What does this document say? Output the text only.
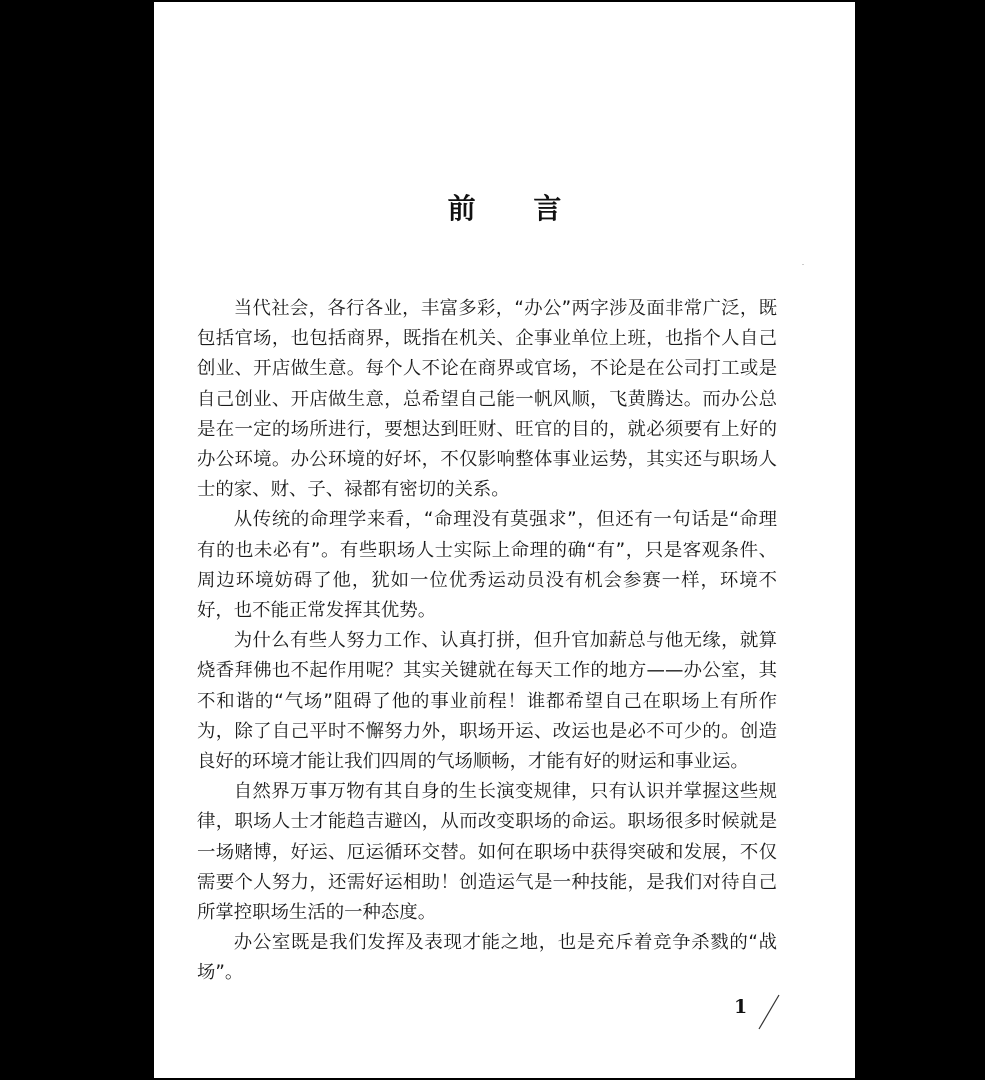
前 言

当代社会，各行各业，丰富多彩，“办公”两字涉及面非常广泛，既包括官场，也包括商界，既指在机关、企事业单位上班，也指个人自己创业、开店做生意。每个人不论在商界或官场，不论是在公司打工或是自己创业、开店做生意，总希望自己能一帆风顺，飞黄腾达。而办公总是在一定的场所进行，要想达到旺财、旺官的目的，就必须要有上好的办公环境。办公环境的好坏，不仅影响整体事业运势，其实还与职场人士的家、财、子、禄都有密切的关系。

从传统的命理学来看，“命理没有莫强求”，但还有一句话是“命理有的也未必有”。有些职场人士实际上命理的确“有”，只是客观条件、周边环境妨碍了他，犹如一位优秀运动员没有机会参赛一样，环境不好，也不能正常发挥其优势。

为什么有些人努力工作、认真打拼，但升官加薪总与他无缘，就算烧香拜佛也不起作用呢？其实关键就在每天工作的地方——办公室，其不和谐的“气场”阻碍了他的事业前程！谁都希望自己在职场上有所作为，除了自己平时不懈努力外，职场开运、改运也是必不可少的。创造良好的环境才能让我们四周的气场顺畅，才能有好的财运和事业运。

自然界万事万物有其自身的生长演变规律，只有认识并掌握这些规律，职场人士才能趋吉避凶，从而改变职场的命运。职场很多时候就是一场赌博，好运、厄运循环交替。如何在职场中获得突破和发展，不仅需要个人努力，还需好运相助！创造运气是一种技能，是我们对待自己所掌控职场生活的一种态度。

办公室既是我们发挥及表现才能之地，也是充斥着竞争杀戮的“战场”。

1
